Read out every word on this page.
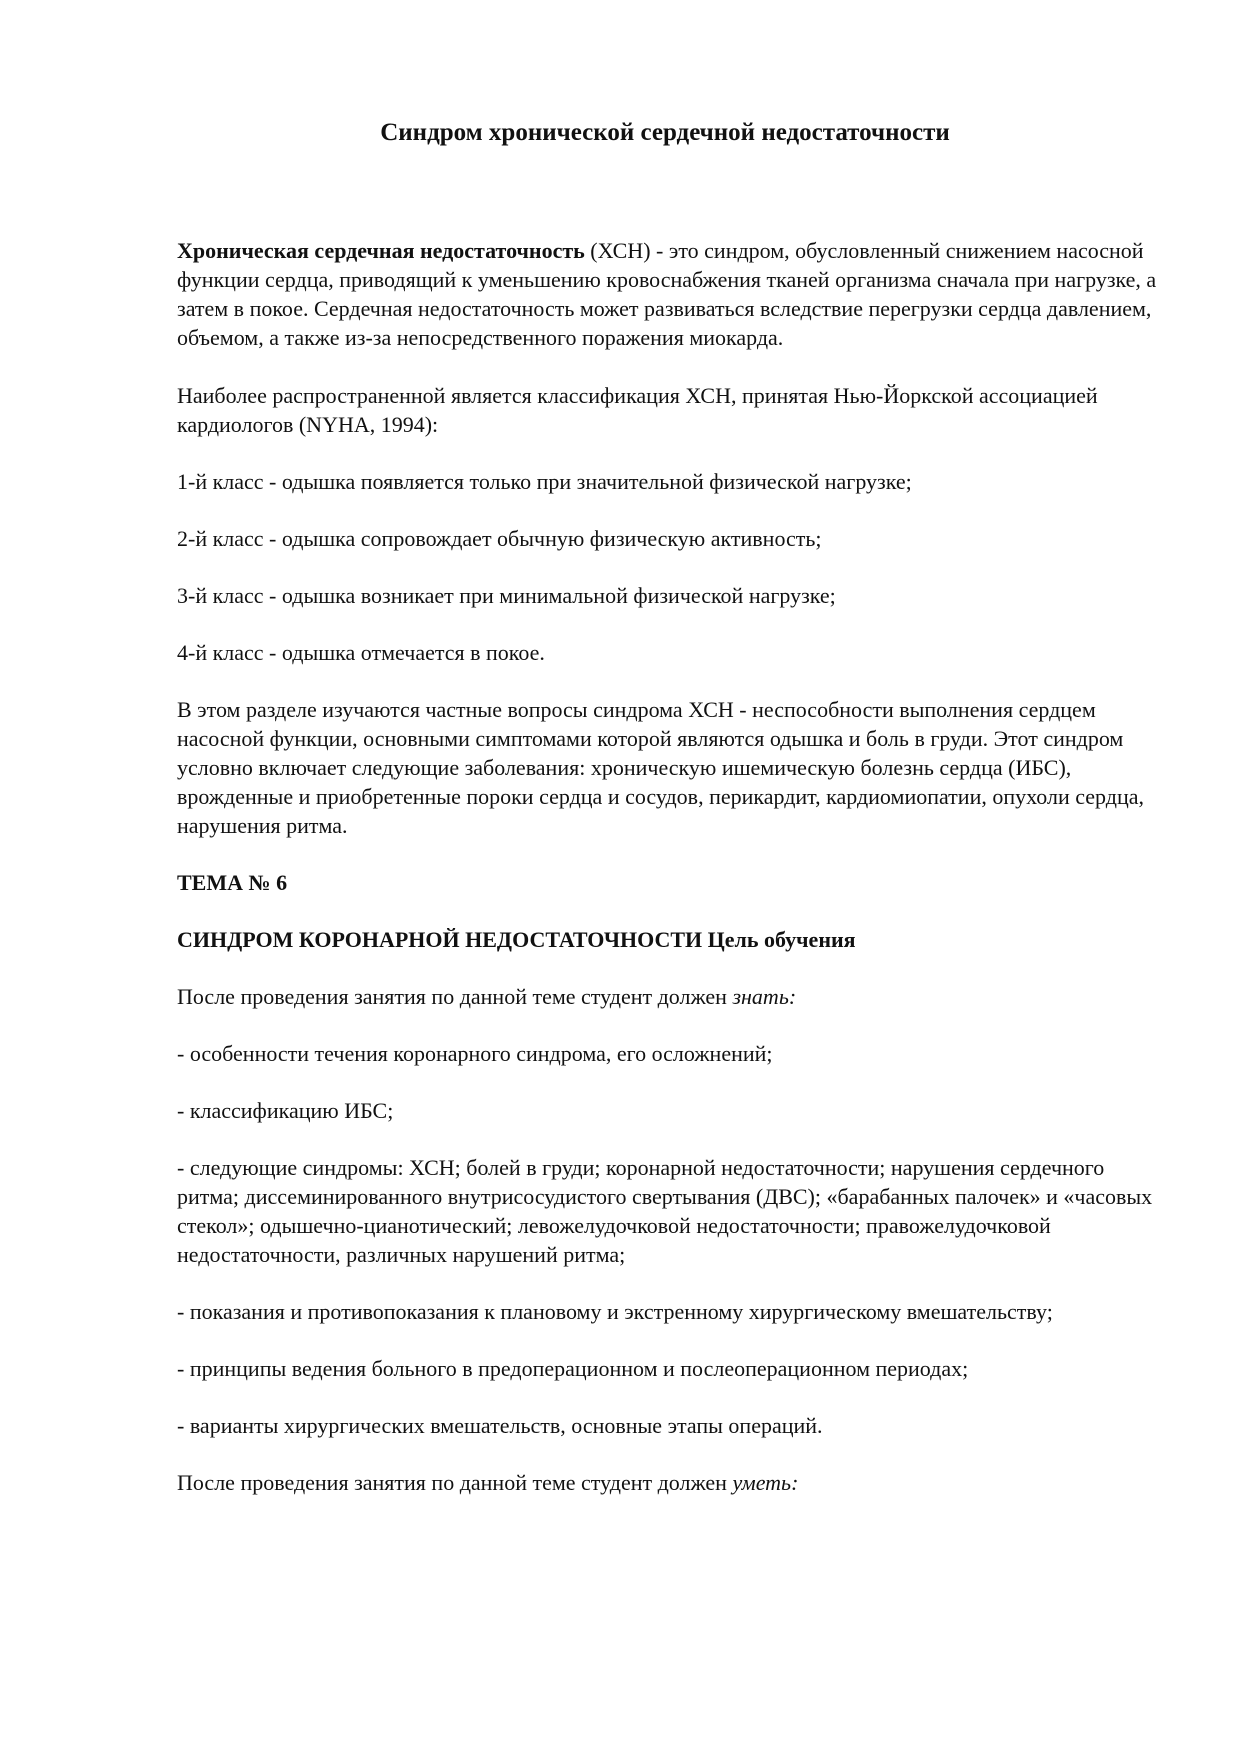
Синдром хронической сердечной недостаточности

Хроническая сердечная недостаточность (ХСН) - это синдром, обусловленный снижением насосной функции сердца, приводящий к уменьшению кровоснабжения тканей организма сначала при нагрузке, а затем в покое. Сердечная недостаточность может развиваться вследствие перегрузки сердца давлением, объемом, а также из-за непосредственного поражения миокарда.

Наиболее распространенной является классификация ХСН, принятая Нью-Йоркской ассоциацией кардиологов (NYHA, 1994):

1-й класс - одышка появляется только при значительной физической нагрузке;

2-й класс - одышка сопровождает обычную физическую активность;

3-й класс - одышка возникает при минимальной физической нагрузке;

4-й класс - одышка отмечается в покое.

В этом разделе изучаются частные вопросы синдрома ХСН - неспособности выполнения сердцем насосной функции, основными симптомами которой являются одышка и боль в груди. Этот синдром условно включает следующие заболевания: хроническую ишемическую болезнь сердца (ИБС), врожденные и приобретенные пороки сердца и сосудов, перикардит, кардиомиопатии, опухоли сердца, нарушения ритма.

ТЕМА № 6

СИНДРОМ КОРОНАРНОЙ НЕДОСТАТОЧНОСТИ Цель обучения

После проведения занятия по данной теме студент должен знать:

- особенности течения коронарного синдрома, его осложнений;

- классификацию ИБС;

- следующие синдромы: ХСН; болей в груди; коронарной недостаточности; нарушения сердечного ритма; диссеминированного внутрисосудистого свертывания (ДВС); «барабанных палочек» и «часовых стекол»; одышечно-цианотический; левожелудочковой недостаточности; правожелудочковой недостаточности, различных нарушений ритма;

- показания и противопоказания к плановому и экстренному хирургическому вмешательству;

- принципы ведения больного в предоперационном и послеоперационном периодах;

- варианты хирургических вмешательств, основные этапы операций.

После проведения занятия по данной теме студент должен уметь:
